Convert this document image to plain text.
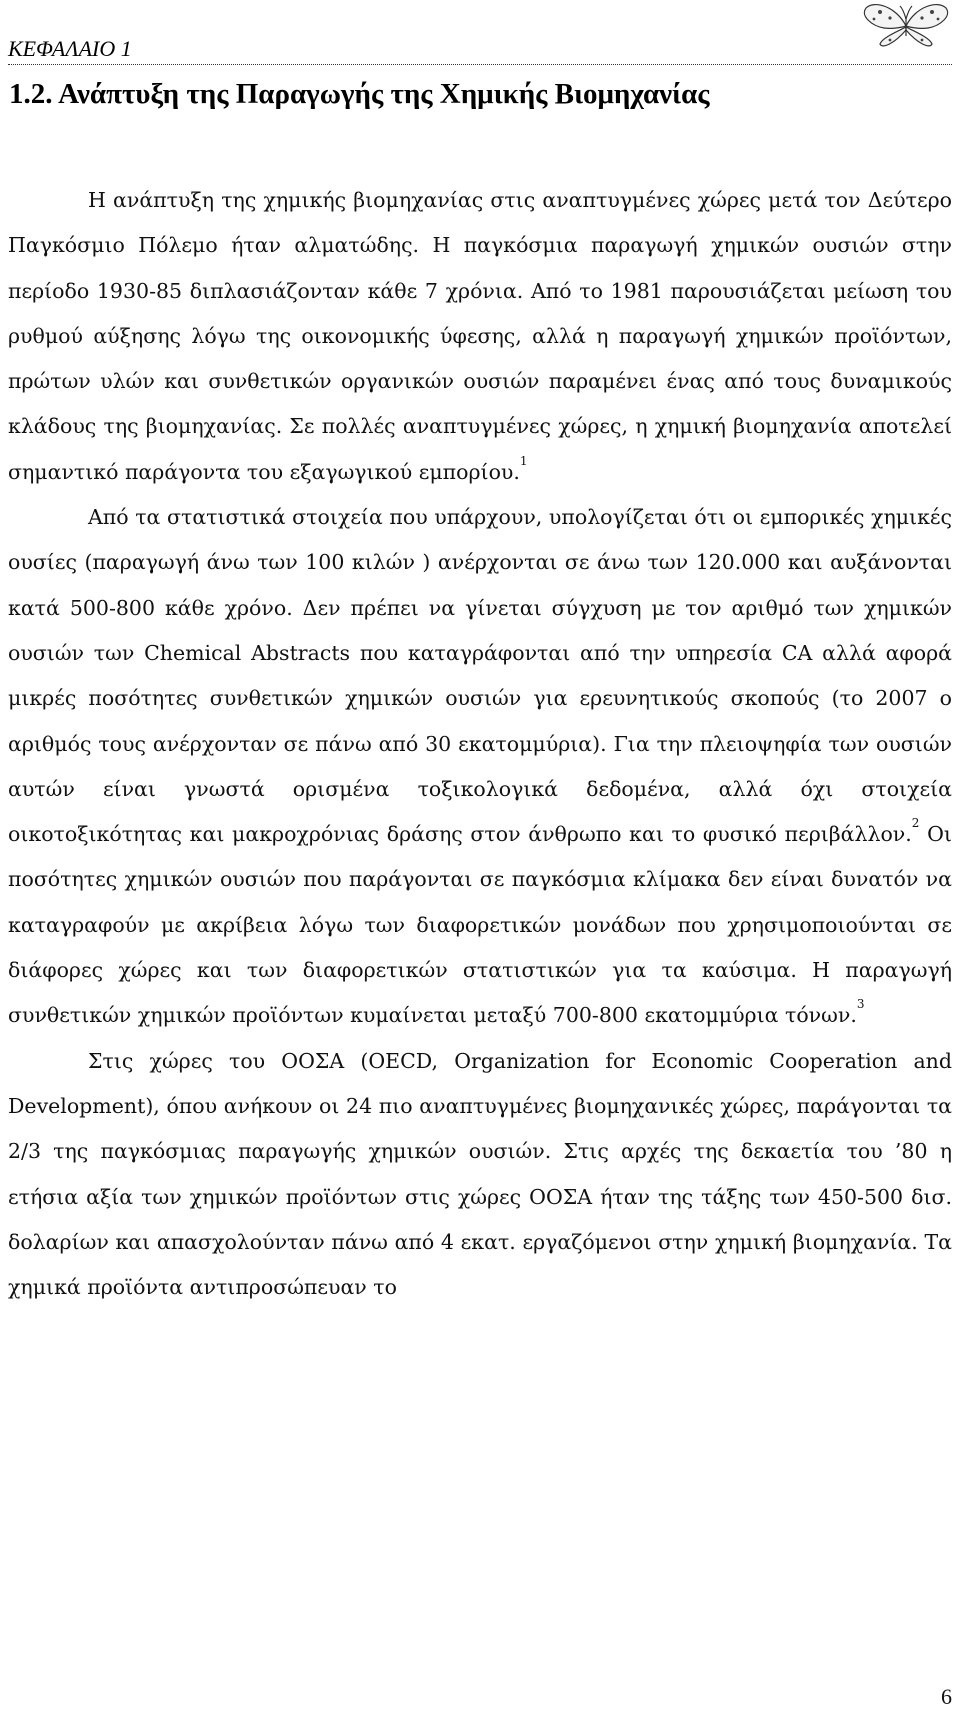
ΚΕΦΑΛΑΙΟ 1
1.2. Ανάπτυξη της Παραγωγής της Χημικής Βιομηχανίας

Η ανάπτυξη της χημικής βιομηχανίας στις αναπτυγμένες χώρες μετά τον Δεύτερο Παγκόσμιο Πόλεμο ήταν αλματώδης. Η παγκόσμια παραγωγή χημικών ουσιών στην περίοδο 1930-85 διπλασιάζονταν κάθε 7 χρόνια. Από το 1981 παρουσιάζεται μείωση του ρυθμού αύξησης λόγω της οικονομικής ύφεσης, αλλά η παραγωγή χημικών προϊόντων, πρώτων υλών και συνθετικών οργανικών ουσιών παραμένει ένας από τους δυναμικούς κλάδους της βιομηχανίας. Σε πολλές αναπτυγμένες χώρες, η χημική βιομηχανία αποτελεί σημαντικό παράγοντα του εξαγωγικού εμπορίου.$^1$

Από τα στατιστικά στοιχεία που υπάρχουν, υπολογίζεται ότι οι εμπορικές χημικές ουσίες (παραγωγή άνω των 100 κιλών ) ανέρχονται σε άνω των 120.000 και αυξάνονται κατά 500-800 κάθε χρόνο. Δεν πρέπει να γίνεται σύγχυση με τον αριθμό των χημικών ουσιών των Chemical Abstracts που καταγράφονται από την υπηρεσία CA αλλά αφορά μικρές ποσότητες συνθετικών χημικών ουσιών για ερευνητικούς σκοπούς (το 2007 ο αριθμός τους ανέρχονταν σε πάνω από 30 εκατομμύρια). Για την πλειοψηφία των ουσιών αυτών είναι γνωστά ορισμένα τοξικολογικά δεδομένα, αλλά όχι στοιχεία οικοτοξικότητας και μακροχρόνιας δράσης στον άνθρωπο και το φυσικό περιβάλλον.$^2$ Οι ποσότητες χημικών ουσιών που παράγονται σε παγκόσμια κλίμακα δεν είναι δυνατόν να καταγραφούν με ακρίβεια λόγω των διαφορετικών μονάδων που χρησιμοποιούνται σε διάφορες χώρες και των διαφορετικών στατιστικών για τα καύσιμα. Η παραγωγή συνθετικών χημικών προϊόντων κυμαίνεται μεταξύ 700-800 εκατομμύρια τόνων.$^3$

Στις χώρες του ΟΟΣΑ (OECD, Organization for Economic Cooperation and Development), όπου ανήκουν οι 24 πιο αναπτυγμένες βιομηχανικές χώρες, παράγονται τα 2/3 της παγκόσμιας παραγωγής χημικών ουσιών. Στις αρχές της δεκαετία του ’80 η ετήσια αξία των χημικών προϊόντων στις χώρες ΟΟΣΑ ήταν της τάξης των 450-500 δισ. δολαρίων και απασχολούνταν πάνω από 4 εκατ. εργαζόμενοι στην χημική βιομηχανία. Τα χημικά προϊόντα αντιπροσώπευαν το

6
